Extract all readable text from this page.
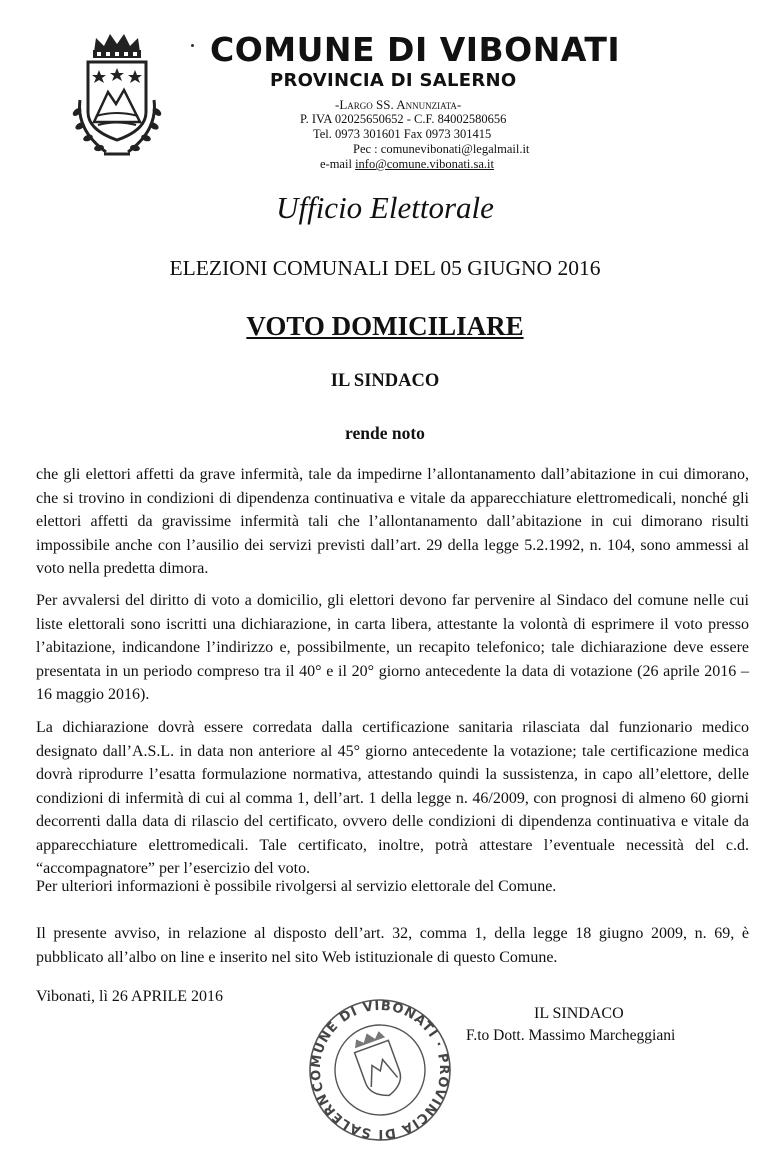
COMUNE DI VIBONATI
PROVINCIA DI SALERNO
-Largo SS. Annunziata-
P. IVA 02025650652 - C.F. 84002580656
Tel. 0973 301601 Fax 0973 301415
Pec : comunevibonati@legalmail.it
e-mail info@comune.vibonati.sa.it
Ufficio Elettorale
ELEZIONI COMUNALI DEL 05 GIUGNO 2016
VOTO DOMICILIARE
IL SINDACO
rende noto

che gli elettori affetti da grave infermità, tale da impedirne l’allontanamento dall’abitazione in cui dimorano, che si trovino in condizioni di dipendenza continuativa e vitale da apparecchiature elettromedicali, nonché gli elettori affetti da gravissime infermità tali che l’allontanamento dall’abitazione in cui dimorano risulti impossibile anche con l’ausilio dei servizi previsti dall’art. 29 della legge 5.2.1992, n. 104, sono ammessi al voto nella predetta dimora.

Per avvalersi del diritto di voto a domicilio, gli elettori devono far pervenire al Sindaco del comune nelle cui liste elettorali sono iscritti una dichiarazione, in carta libera, attestante la volontà di esprimere il voto presso l’abitazione, indicandone l’indirizzo e, possibilmente, un recapito telefonico; tale dichiarazione deve essere presentata in un periodo compreso tra il 40° e il 20° giorno antecedente la data di votazione (26 aprile 2016 – 16 maggio 2016).

La dichiarazione dovrà essere corredata dalla certificazione sanitaria rilasciata dal funzionario medico designato dall’A.S.L. in data non anteriore al 45° giorno antecedente la votazione; tale certificazione medica dovrà riprodurre l’esatta formulazione normativa, attestando quindi la sussistenza, in capo all’elettore, delle condizioni di infermità di cui al comma 1, dell’art. 1 della legge n. 46/2009, con prognosi di almeno 60 giorni decorrenti dalla data di rilascio del certificato, ovvero delle condizioni di dipendenza continuativa e vitale da apparecchiature elettromedicali. Tale certificato, inoltre, potrà attestare l’eventuale necessità del c.d. “accompagnatore” per l’esercizio del voto.

Per ulteriori informazioni è possibile rivolgersi al servizio elettorale del Comune.

Il presente avviso, in relazione al disposto dell’art. 32, comma 1, della legge 18 giugno 2009, n. 69, è pubblicato all’albo on line e inserito nel sito Web istituzionale di questo Comune.

Vibonati, lì 26 APRILE 2016
IL SINDACO
F.to Dott. Massimo Marcheggiani
COMUNE DI VIBONATI · PROVINCIA DI SALERNO
